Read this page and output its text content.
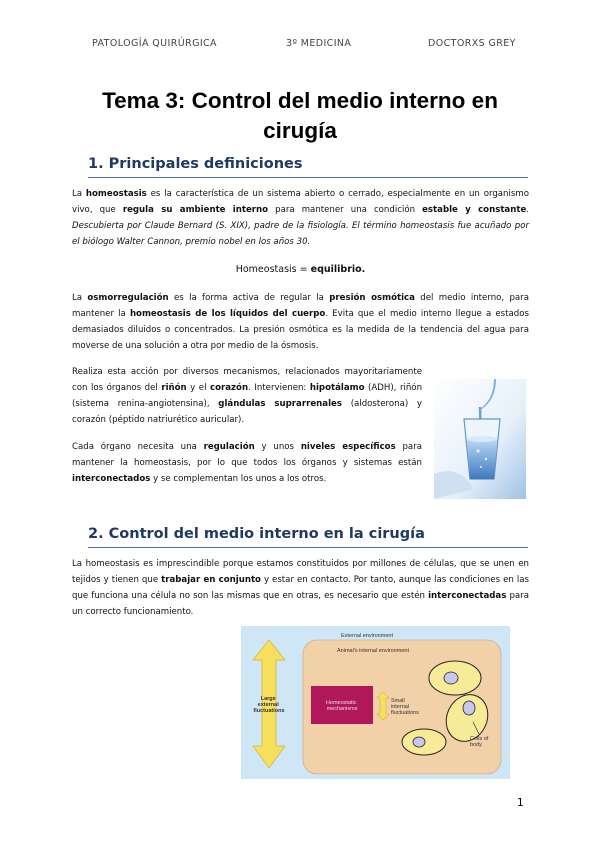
PATOLOGÍA QUIRÚRGICA	3º MEDICINA	DOCTORXS GREY
Tema 3: Control del medio interno en
cirugía
1. Principales definiciones
La homeostasis es la característica de un sistema abierto o cerrado, especialmente en un organismo vivo, que regula su ambiente interno para mantener una condición estable y constante. Descubierta por Claude Bernard (S. XIX), padre de la fisiología. El término homeostasis fue acuñado por el biólogo Walter Cannon, premio nobel en los años 30.
Homeostasis = equilibrio.
La osmorregulación es la forma activa de regular la presión osmótica del medio interno, para mantener la homeostasis de los líquidos del cuerpo. Evita que el medio interno llegue a estados demasiados diluidos o concentrados. La presión osmótica es la medida de la tendencia del agua para moverse de una solución a otra por medio de la ósmosis.
Realiza esta acción por diversos mecanismos, relacionados mayoritariamente con los órganos del riñón y el corazón. Intervienen: hipotálamo (ADH), riñón (sistema renina-angiotensina), glándulas suprarrenales (aldosterona) y corazón (péptido natriurético auricular).
Cada órgano necesita una regulación y unos niveles específicos para mantener la homeostasis, por lo que todos los órganos y sistemas están interconectados y se complementan los unos a los otros.
2. Control del medio interno en la cirugía
La homeostasis es imprescindible porque estamos constituidos por millones de células, que se unen en tejidos y tienen que trabajar en conjunto y estar en contacto. Por tanto, aunque las condiciones en las que funciona una célula no son las mismas que en otras, es necesario que estén interconectadas para un correcto funcionamiento.
External environment
Animal's internal environment
Large external fluctuations
Homeostatic mechanisms
Small internal fluctuations
Cells of body
1
